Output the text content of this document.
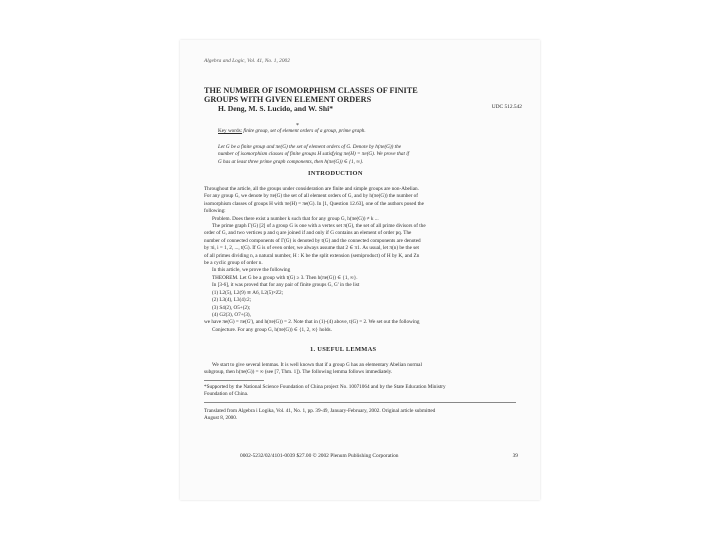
Algebra and Logic, Vol. 41, No. 1, 2002
THE NUMBER OF ISOMORPHISM CLASSES OF FINITE
GROUPS WITH GIVEN ELEMENT ORDERS
H. Deng, M. S. Lucido, and W. Shi*	UDC 512.542
*
Key words: finite group, set of element orders of a group, prime graph.
Let G be a finite group and πe(G) the set of element orders of G. Denote by h(πe(G)) the
number of isomorphism classes of finite groups H satisfying πe(H) = πe(G). We prove that if
G has at least three prime graph components, then h(πe(G)) ∈ {1, ∞}.
INTRODUCTION
Throughout the article, all the groups under consideration are finite and simple groups are non-Abelian.
For any group G, we denote by πe(G) the set of all element orders of G, and by h(πe(G)) the number of
isomorphism classes of groups H with πe(H) = πe(G). In [1, Question 12.63], one of the authors posed the
following:
Problem. Does there exist a number k such that for any group G, h(πe(G)) ≠ k ...
The prime graph Γ(G) [2] of a group G is one with a vertex set π(G), the set of all prime divisors of the
order of G, and two vertices p and q are joined if and only if G contains an element of order pq. The
number of connected components of Γ(G) is denoted by t(G) and the connected components are denoted
by πi, i = 1, 2, ..., t(G). If G is of even order, we always assume that 2 ∈ π1. As usual, let π(n) be the set
of all primes dividing n, a natural number, H : K be the split extension (semiproduct) of H by K, and Zn
be a cyclic group of order n.
In this article, we prove the following
THEOREM. Let G be a group with t(G) ≥ 3. Then h(πe(G)) ∈ {1, ∞}.
In [3-6], it was proved that for any pair of finite groups G, G' in the list
(1) L2(5), L2(9) ≅ A6, L2(5)×Z2;
(2) L3(4), L3(4):2;
(3) S4(2), O5+(2);
(4) G2(3), O7+(3),
we have πe(G) = πe(G'), and h(πe(G)) = 2. Note that in (1)-(4) above, t(G) = 2. We set out the following
Conjecture. For any group G, h(πe(G)) ∈ {1, 2, ∞} holds.
1. USEFUL LEMMAS
We start to give several lemmas. It is well known that if a group G has an elementary Abelian normal
subgroup, then h(πe(G)) = ∞ (see [7, Thm. 1]). The following lemma follows immediately.
*Supported by the National Science Foundation of China project No. 10071064 and by the State Education Ministry
Foundation of China.
Translated from Algebra i Logika, Vol. 41, No. 1, pp. 39-49, January-February, 2002. Original article submitted
August 8, 2000.
0002-5232/02/4101-0039 $27.00 © 2002 Plenum Publishing Corporation	39
